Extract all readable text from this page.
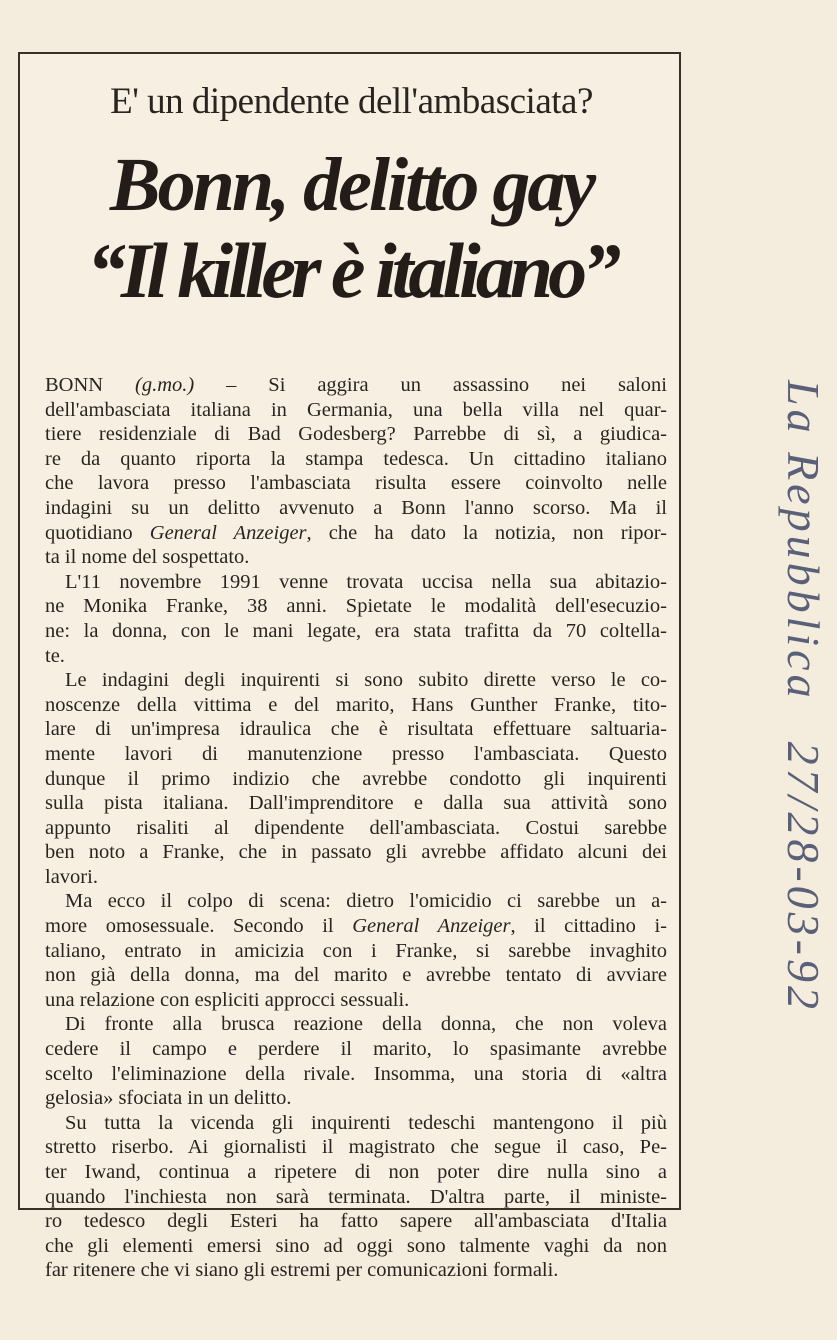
E' un dipendente dell'ambasciata?
Bonn, delitto gay
“Il killer è italiano”
BONN (g.mo.) – Si aggira un assassino nei saloni
dell'ambasciata italiana in Germania, una bella villa nel quar-
tiere residenziale di Bad Godesberg? Parrebbe di sì, a giudica-
re da quanto riporta la stampa tedesca. Un cittadino italiano
che lavora presso l'ambasciata risulta essere coinvolto nelle
indagini su un delitto avvenuto a Bonn l'anno scorso. Ma il
quotidiano General Anzeiger, che ha dato la notizia, non ripor-
ta il nome del sospettato.
L'11 novembre 1991 venne trovata uccisa nella sua abitazio-
ne Monika Franke, 38 anni. Spietate le modalità dell'esecuzio-
ne: la donna, con le mani legate, era stata trafitta da 70 coltella-
te.
Le indagini degli inquirenti si sono subito dirette verso le co-
noscenze della vittima e del marito, Hans Gunther Franke, tito-
lare di un'impresa idraulica che è risultata effettuare saltuaria-
mente lavori di manutenzione presso l'ambasciata. Questo
dunque il primo indizio che avrebbe condotto gli inquirenti
sulla pista italiana. Dall'imprenditore e dalla sua attività sono
appunto risaliti al dipendente dell'ambasciata. Costui sarebbe
ben noto a Franke, che in passato gli avrebbe affidato alcuni dei
lavori.
Ma ecco il colpo di scena: dietro l'omicidio ci sarebbe un a-
more omosessuale. Secondo il General Anzeiger, il cittadino i-
taliano, entrato in amicizia con i Franke, si sarebbe invaghito
non già della donna, ma del marito e avrebbe tentato di avviare
una relazione con espliciti approcci sessuali.
Di fronte alla brusca reazione della donna, che non voleva
cedere il campo e perdere il marito, lo spasimante avrebbe
scelto l'eliminazione della rivale. Insomma, una storia di «altra
gelosia» sfociata in un delitto.
Su tutta la vicenda gli inquirenti tedeschi mantengono il più
stretto riserbo. Ai giornalisti il magistrato che segue il caso, Pe-
ter Iwand, continua a ripetere di non poter dire nulla sino a
quando l'inchiesta non sarà terminata. D'altra parte, il ministe-
ro tedesco degli Esteri ha fatto sapere all'ambasciata d'Italia
che gli elementi emersi sino ad oggi sono talmente vaghi da non
far ritenere che vi siano gli estremi per comunicazioni formali.
La Repubblica27/28-03-92
